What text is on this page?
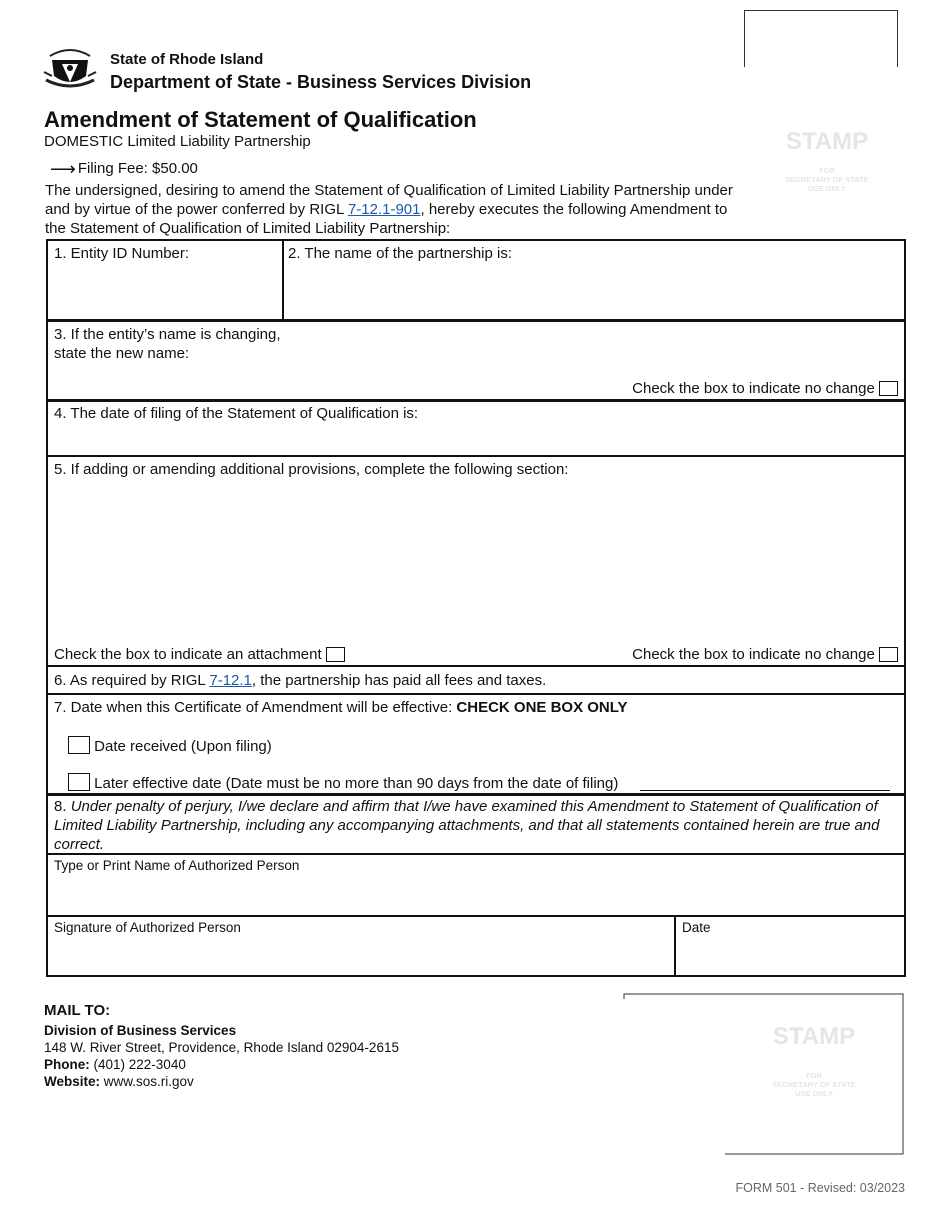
State of Rhode Island
Department of State - Business Services Division
STAMP
FOR
SECRETARY OF STATE
USE ONLY
Amendment of Statement of Qualification
DOMESTIC Limited Liability Partnership
⟶ Filing Fee: $50.00
The undersigned, desiring to amend the Statement of Qualification of Limited Liability Partnership under and by virtue of the power conferred by RIGL 7-12.1-901, hereby executes the following Amendment to the Statement of Qualification of Limited Liability Partnership:
1. Entity ID Number:	2. The name of the partnership is:
3. If the entity’s name is changing,
state the new name:
Check the box to indicate no change
4. The date of filing of the Statement of Qualification is:
5. If adding or amending additional provisions, complete the following section:
Check the box to indicate an attachment	Check the box to indicate no change
6. As required by RIGL 7-12.1, the partnership has paid all fees and taxes.
7. Date when this Certificate of Amendment will be effective: CHECK ONE BOX ONLY
Date received (Upon filing)
Later effective date (Date must be no more than 90 days from the date of filing)
8. Under penalty of perjury, I/we declare and affirm that I/we have examined this Amendment to Statement of Qualification of Limited Liability Partnership, including any accompanying attachments, and that all statements contained herein are true and correct.
Type or Print Name of Authorized Person
Signature of Authorized Person	Date
MAIL TO:
Division of Business Services
148 W. River Street, Providence, Rhode Island 02904-2615
Phone: (401) 222-3040
Website: www.sos.ri.gov
STAMP
FOR
SECRETARY OF STATE
USE ONLY
FORM 501 - Revised: 03/2023
